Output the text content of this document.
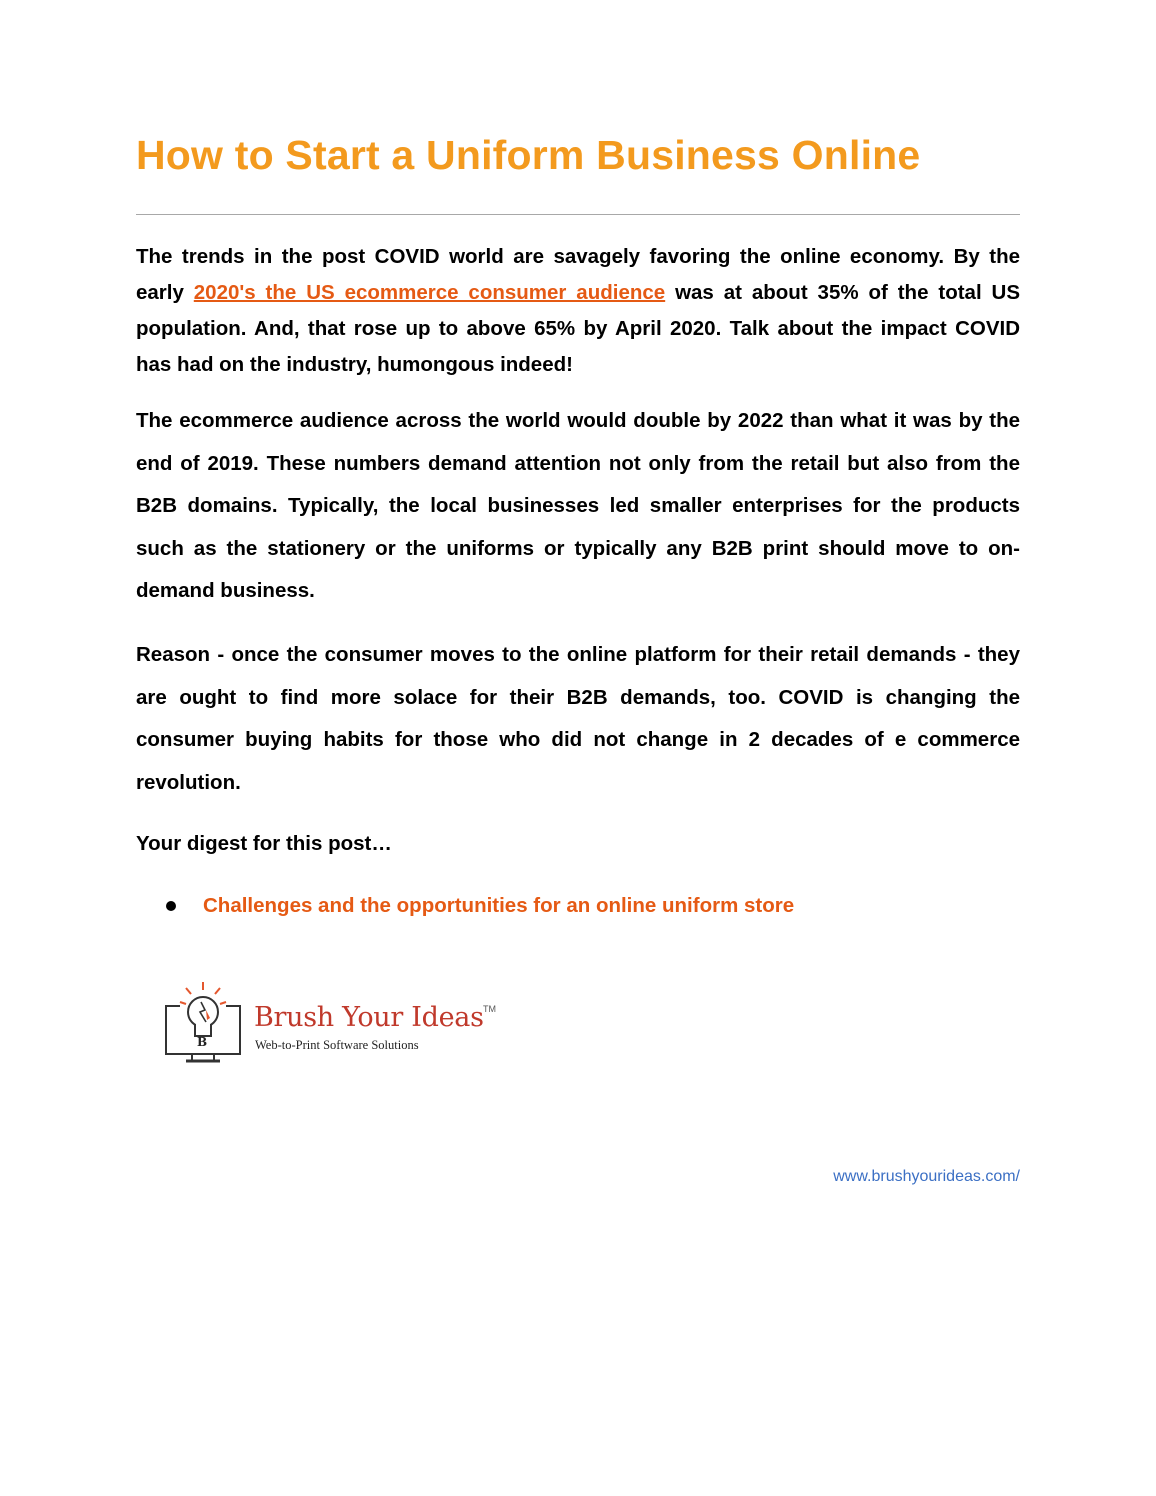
How to Start a Uniform Business Online

The trends in the post COVID world are savagely favoring the online economy. By the early 2020's the US ecommerce consumer audience was at about 35% of the total US population. And, that rose up to above 65% by April 2020. Talk about the impact COVID has had on the industry, humongous indeed!

The ecommerce audience across the world would double by 2022 than what it was by the end of 2019. These numbers demand attention not only from the retail but also from the B2B domains. Typically, the local businesses led smaller enterprises for the products such as the stationery or the uniforms or typically any B2B print should move to on-demand business.

Reason - once the consumer moves to the online platform for their retail demands - they are ought to find more solace for their B2B demands, too. COVID is changing the consumer buying habits for those who did not change in 2 decades of e commerce revolution.

Your digest for this post…

Challenges and the opportunities for an online uniform store
B

Brush Your Ideas TM

Web-to-Print Software Solutions

www.brushyourideas.com/
